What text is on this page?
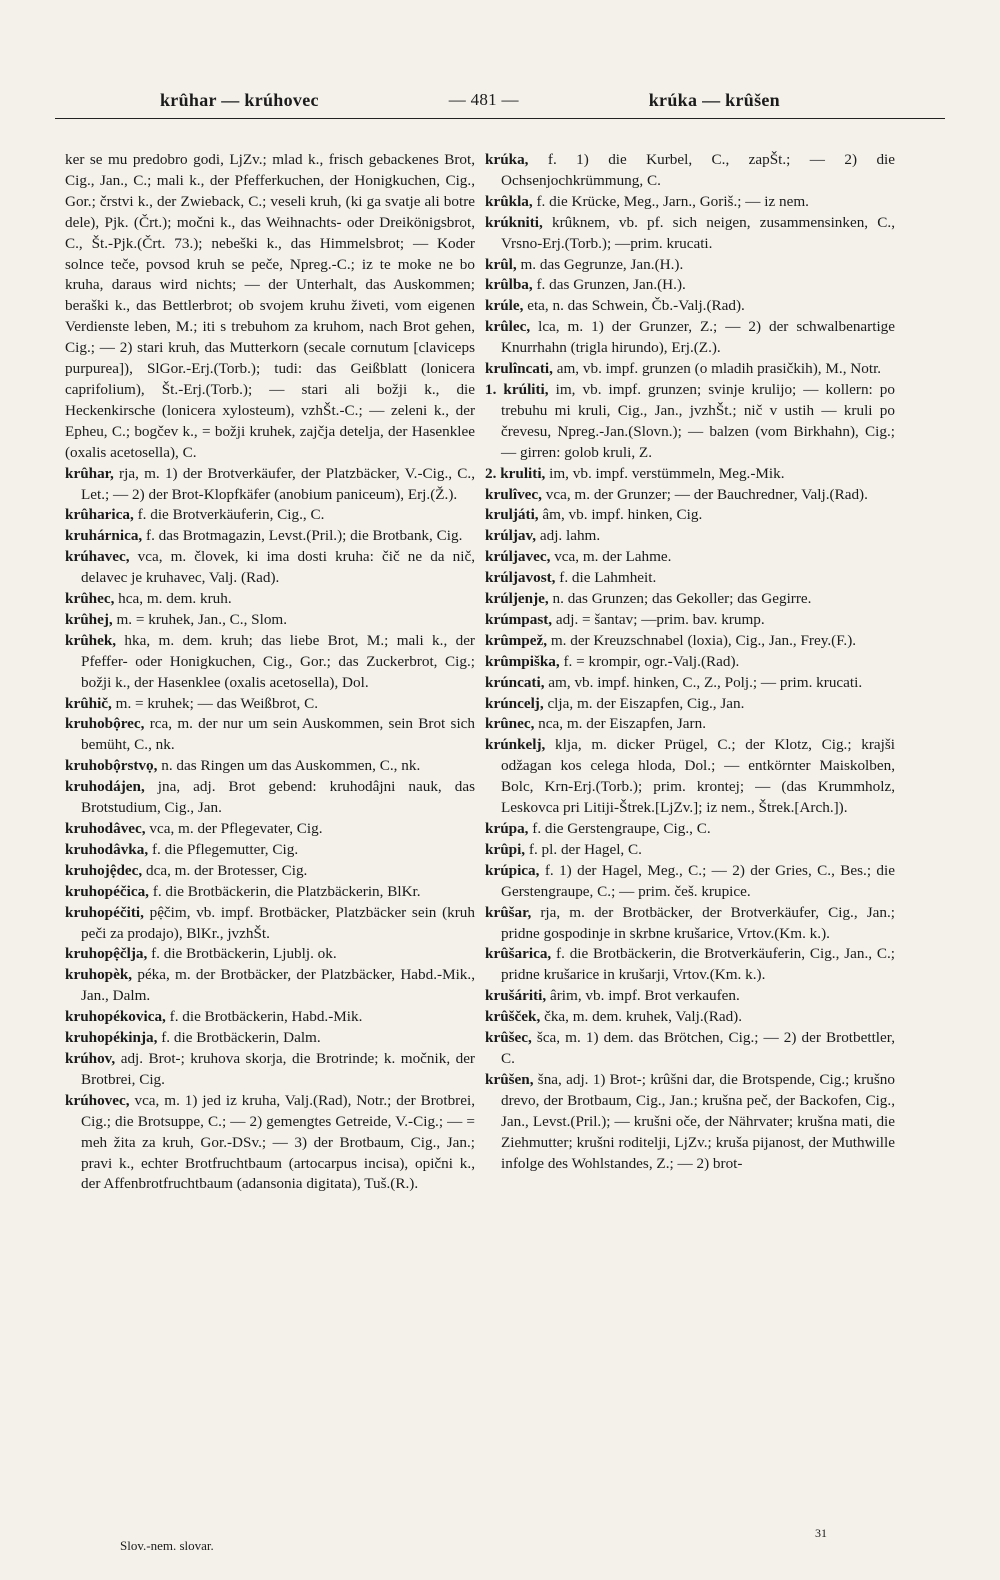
krûhar — krúhovec	— 481 —	krúka — krûšen

ker se mu predobro godi, LjZv.; mlad k., frisch gebackenes Brot, Cig., Jan., C.; mali k., der Pfefferkuchen, der Honigkuchen, Cig., Gor.; črstvi k., der Zwieback, C.; veseli kruh, (ki ga svatje ali botre dele), Pjk. (Črt.); močni k., das Weihnachts- oder Dreikönigsbrot, C., Št.-Pjk.(Črt. 73.); nebeški k., das Himmelsbrot; — Koder solnce teče, povsod kruh se peče, Npreg.-C.; iz te moke ne bo kruha, daraus wird nichts; — der Unterhalt, das Auskommen; beraški k., das Bettlerbrot; ob svojem kruhu živeti, vom eigenen Verdienste leben, M.; iti s trebuhom za kruhom, nach Brot gehen, Cig.; — 2) stari kruh, das Mutterkorn (secale cornutum [claviceps purpurea]), SlGor.-Erj.(Torb.); tudi: das Geißblatt (lonicera caprifolium), Št.-Erj.(Torb.); — stari ali božji k., die Heckenkirsche (lonicera xylosteum), vzhŠt.-C.; — zeleni k., der Epheu, C.; bogčev k., = božji kruhek, zajčja detelja, der Hasenklee (oxalis acetosella), C.

krûhar, rja, m. 1) der Brotverkäufer, der Platzbäcker, V.-Cig., C., Let.; — 2) der Brot-Klopfkäfer (anobium paniceum), Erj.(Ž.).

krûharica, f. die Brotverkäuferin, Cig., C.

kruhárnica, f. das Brotmagazin, Levst.(Pril.); die Brotbank, Cig.

krúhavec, vca, m. človek, ki ima dosti kruha: čič ne da nič, delavec je kruhavec, Valj. (Rad).

krûhec, hca, m. dem. kruh.

krûhej, m. = kruhek, Jan., C., Slom.

krûhek, hka, m. dem. kruh; das liebe Brot, M.; mali k., der Pfeffer- oder Honigkuchen, Cig., Gor.; das Zuckerbrot, Cig.; božji k., der Hasenklee (oxalis acetosella), Dol.

krûhič, m. = kruhek; — das Weißbrot, C.

kruhobộrec, rca, m. der nur um sein Auskommen, sein Brot sich bemüht, C., nk.

kruhobộrstvọ, n. das Ringen um das Auskommen, C., nk.

kruhodájen, jna, adj. Brot gebend: kruhodâjni nauk, das Brotstudium, Cig., Jan.

kruhodâvec, vca, m. der Pflegevater, Cig.

kruhodâvka, f. die Pflegemutter, Cig.

kruhojệdec, dca, m. der Brotesser, Cig.

kruhopéčica, f. die Brotbäckerin, die Platzbäckerin, BlKr.

kruhopéčiti, pệčim, vb. impf. Brotbäcker, Platzbäcker sein (kruh peči za prodajo), BlKr., jvzhŠt.

kruhopệčlja, f. die Brotbäckerin, Ljublj. ok.

kruhopèk, péka, m. der Brotbäcker, der Platzbäcker, Habd.-Mik., Jan., Dalm.

kruhopékovica, f. die Brotbäckerin, Habd.-Mik.

kruhopékinja, f. die Brotbäckerin, Dalm.

krúhov, adj. Brot-; kruhova skorja, die Brotrinde; k. močnik, der Brotbrei, Cig.

krúhovec, vca, m. 1) jed iz kruha, Valj.(Rad), Notr.; der Brotbrei, Cig.; die Brotsuppe, C.; — 2) gemengtes Getreide, V.-Cig.; — = meh žita za kruh, Gor.-DSv.; — 3) der Brotbaum, Cig., Jan.; pravi k., echter Brotfruchtbaum (artocarpus incisa), opični k., der Affenbrotfruchtbaum (adansonia digitata), Tuš.(R.).

krúka, f. 1) die Kurbel, C., zapŠt.; — 2) die Ochsenjochkrümmung, C.

krûkla, f. die Krücke, Meg., Jarn., Goriš.; — iz nem.

krúkniti, krûknem, vb. pf. sich neigen, zusammensinken, C., Vrsno-Erj.(Torb.); —prim. krucati.

krûl, m. das Gegrunze, Jan.(H.).

krûlba, f. das Grunzen, Jan.(H.).

krúle, eta, n. das Schwein, Čb.-Valj.(Rad).

krûlec, lca, m. 1) der Grunzer, Z.; — 2) der schwalbenartige Knurrhahn (trigla hirundo), Erj.(Z.).

krulîncati, am, vb. impf. grunzen (o mladih prasičkih), M., Notr.

1. krúliti, im, vb. impf. grunzen; svinje krulijo; — kollern: po trebuhu mi kruli, Cig., Jan., jvzhŠt.; nič v ustih — kruli po črevesu, Npreg.-Jan.(Slovn.); — balzen (vom Birkhahn), Cig.; — girren: golob kruli, Z.

2. kruliti, im, vb. impf. verstümmeln, Meg.-Mik.

krulîvec, vca, m. der Grunzer; — der Bauchredner, Valj.(Rad).

kruljáti, âm, vb. impf. hinken, Cig.

krúljav, adj. lahm.

krúljavec, vca, m. der Lahme.

krúljavost, f. die Lahmheit.

krúljenje, n. das Grunzen; das Gekoller; das Gegirre.

krúmpast, adj. = šantav; —prim. bav. krump.

krûmpež, m. der Kreuzschnabel (loxia), Cig., Jan., Frey.(F.).

krûmpiška, f. = krompir, ogr.-Valj.(Rad).

krúncati, am, vb. impf. hinken, C., Z., Polj.; — prim. krucati.

krúncelj, clja, m. der Eiszapfen, Cig., Jan.

krûnec, nca, m. der Eiszapfen, Jarn.

krúnkelj, klja, m. dicker Prügel, C.; der Klotz, Cig.; krajši odžagan kos celega hloda, Dol.; — entkörnter Maiskolben, Bolc, Krn-Erj.(Torb.); prim. krontej; — (das Krummholz, Leskovca pri Litiji-Štrek.[LjZv.]; iz nem., Štrek.[Arch.]).

krúpa, f. die Gerstengraupe, Cig., C.

krûpi, f. pl. der Hagel, C.

krúpica, f. 1) der Hagel, Meg., C.; — 2) der Gries, C., Bes.; die Gerstengraupe, C.; — prim. češ. krupice.

krûšar, rja, m. der Brotbäcker, der Brotverkäufer, Cig., Jan.; pridne gospodinje in skrbne krušarice, Vrtov.(Km. k.).

krûšarica, f. die Brotbäckerin, die Brotverkäuferin, Cig., Jan., C.; pridne krušarice in krušarji, Vrtov.(Km. k.).

krušáriti, ârim, vb. impf. Brot verkaufen.

krûšček, čka, m. dem. kruhek, Valj.(Rad).

krûšec, šca, m. 1) dem. das Brötchen, Cig.; — 2) der Brotbettler, C.

krûšen, šna, adj. 1) Brot-; krûšni dar, die Brotspende, Cig.; krušno drevo, der Brotbaum, Cig., Jan.; krušna peč, der Backofen, Cig., Jan., Levst.(Pril.); — krušni oče, der Nährvater; krušna mati, die Ziehmutter; krušni roditelji, LjZv.; kruša pijanost, der Muthwille infolge des Wohlstandes, Z.; — 2) brot-

Slov.-nem. slovar.
31
